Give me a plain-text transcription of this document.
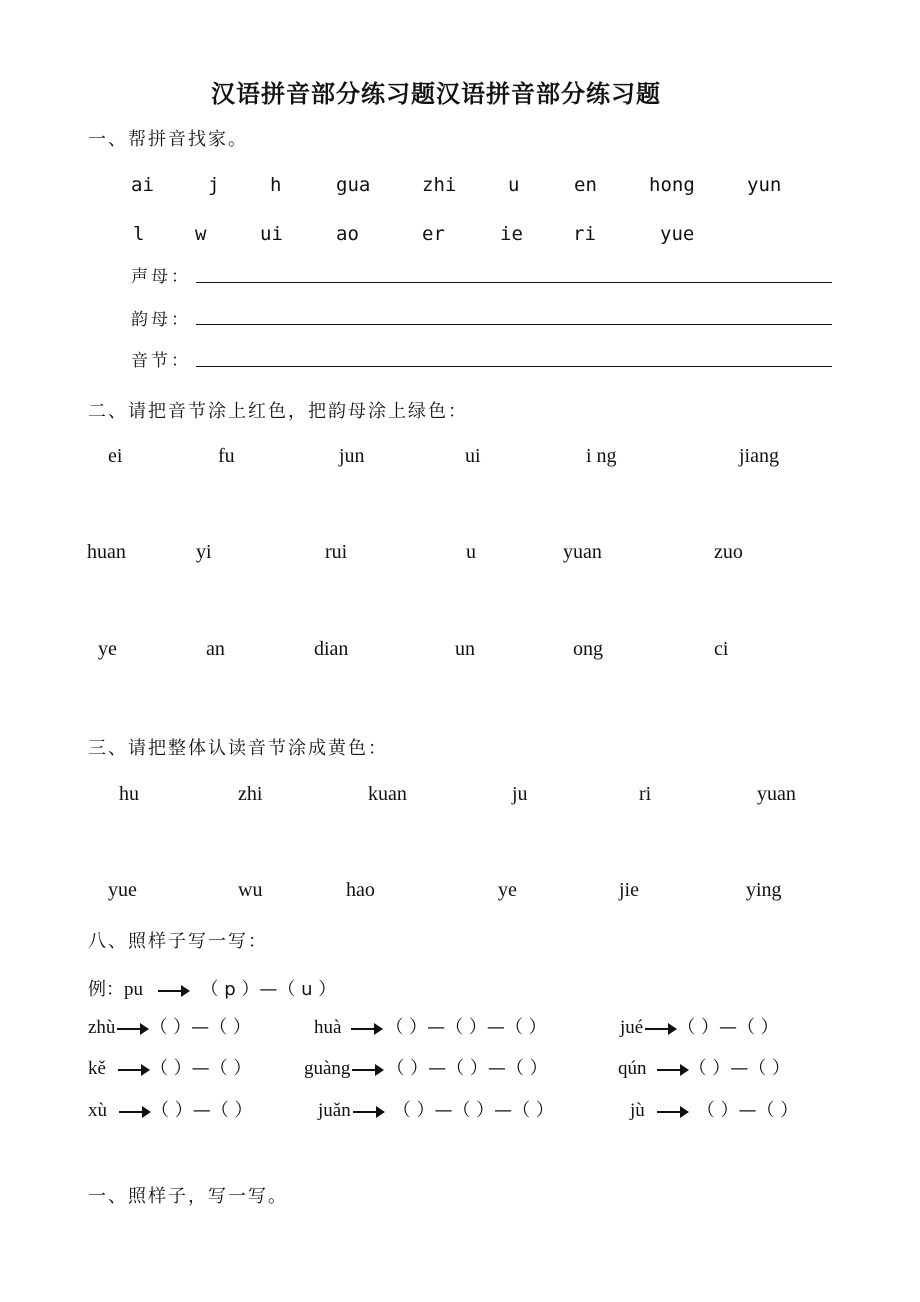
汉语拼音部分练习题汉语拼音部分练习题
一、帮拼音找家。
ai	j	h	gua	zhi	u	en	hong	yun
l	w	ui	ao	er	ie	ri	yue
声母：
韵母：
音节：
二、请把音节涂上红色，把韵母涂上绿色：
ei	fu	jun	ui	i ng	jiang
huan	yi	rui	u	yuan	zuo
ye	an	dian	un	ong	ci
三、请把整体认读音节涂成黄色：
hu	zhi	kuan	ju	ri	yuan
yue	wu	hao	ye	jie	ying
八、照样子写一写：
例：pu	（ p ）—（ u ）
zhù （ ）—（ ）	huà （ ）—（ ）—（ ）	jué （ ）—（ ）
kě （ ）—（ ）	guàng （ ）—（ ）—（ ）	qún （ ）—（ ）
xù （ ）—（ ）	juǎn （ ）—（ ）—（ ）	jù	（ ）—（ ）
一、照样子，写一写。
